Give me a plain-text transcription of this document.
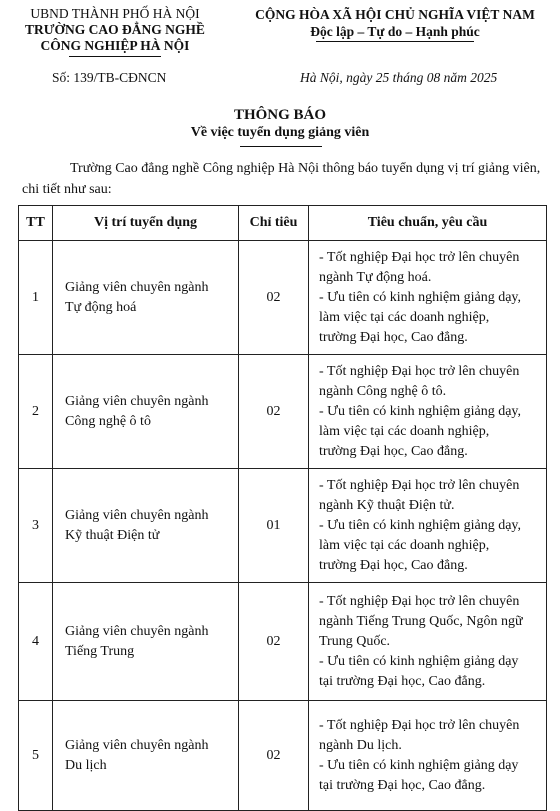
UBND THÀNH PHỐ HÀ NỘI
TRƯỜNG CAO ĐẲNG NGHỀ
CÔNG NGHIỆP HÀ NỘI
CỘNG HÒA XÃ HỘI CHỦ NGHĨA VIỆT NAM
Độc lập – Tự do – Hạnh phúc
Số: 139/TB-CĐNCN	Hà Nội, ngày 25 tháng 08 năm 2025
THÔNG BÁO
Về việc tuyển dụng giảng viên
Trường Cao đẳng nghề Công nghiệp Hà Nội thông báo tuyển dụng vị trí giảng viên, chi tiết như sau:
TT	Vị trí tuyển dụng	Chỉ tiêu	Tiêu chuẩn, yêu cầu
1	Giảng viên chuyên ngành
Tự động hoá	02	- Tốt nghiệp Đại học trở lên chuyên
ngành Tự động hoá.
- Ưu tiên có kinh nghiệm giảng dạy,
làm việc tại các doanh nghiệp,
trường Đại học, Cao đẳng.

2	Giảng viên chuyên ngành
Công nghệ ô tô	02	- Tốt nghiệp Đại học trở lên chuyên
ngành Công nghệ ô tô.
- Ưu tiên có kinh nghiệm giảng dạy,
làm việc tại các doanh nghiệp,
trường Đại học, Cao đẳng.

3	Giảng viên chuyên ngành
Kỹ thuật Điện tử	01	- Tốt nghiệp Đại học trở lên chuyên
ngành Kỹ thuật Điện tử.
- Ưu tiên có kinh nghiệm giảng dạy,
làm việc tại các doanh nghiệp,
trường Đại học, Cao đẳng.

4	Giảng viên chuyên ngành
Tiếng Trung	02	- Tốt nghiệp Đại học trở lên chuyên
ngành Tiếng Trung Quốc, Ngôn ngữ
Trung Quốc.
- Ưu tiên có kinh nghiệm giảng dạy
tại trường Đại học, Cao đẳng.

5	Giảng viên chuyên ngành
Du lịch	02	- Tốt nghiệp Đại học trở lên chuyên
ngành Du lịch.
- Ưu tiên có kinh nghiệm giảng dạy
tại trường Đại học, Cao đẳng.
